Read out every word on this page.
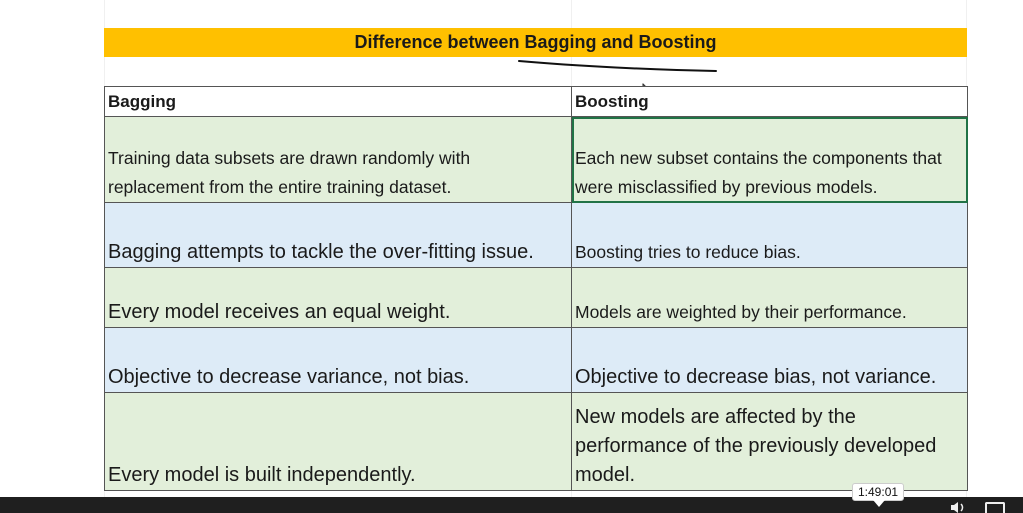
Difference between Bagging and Boosting
Bagging	Boosting
Training data subsets are drawn randomly with replacement from the entire training dataset.	Each new subset contains the components that were misclassified by previous models.
Bagging attempts to tackle the over-fitting issue.	Boosting tries to reduce bias.
Every model receives an equal weight.	Models are weighted by their performance.
Objective to decrease variance, not bias.	Objective to decrease bias, not variance.
Every model is built independently.	New models are affected by the performance of the previously developed model.
1:49:01
